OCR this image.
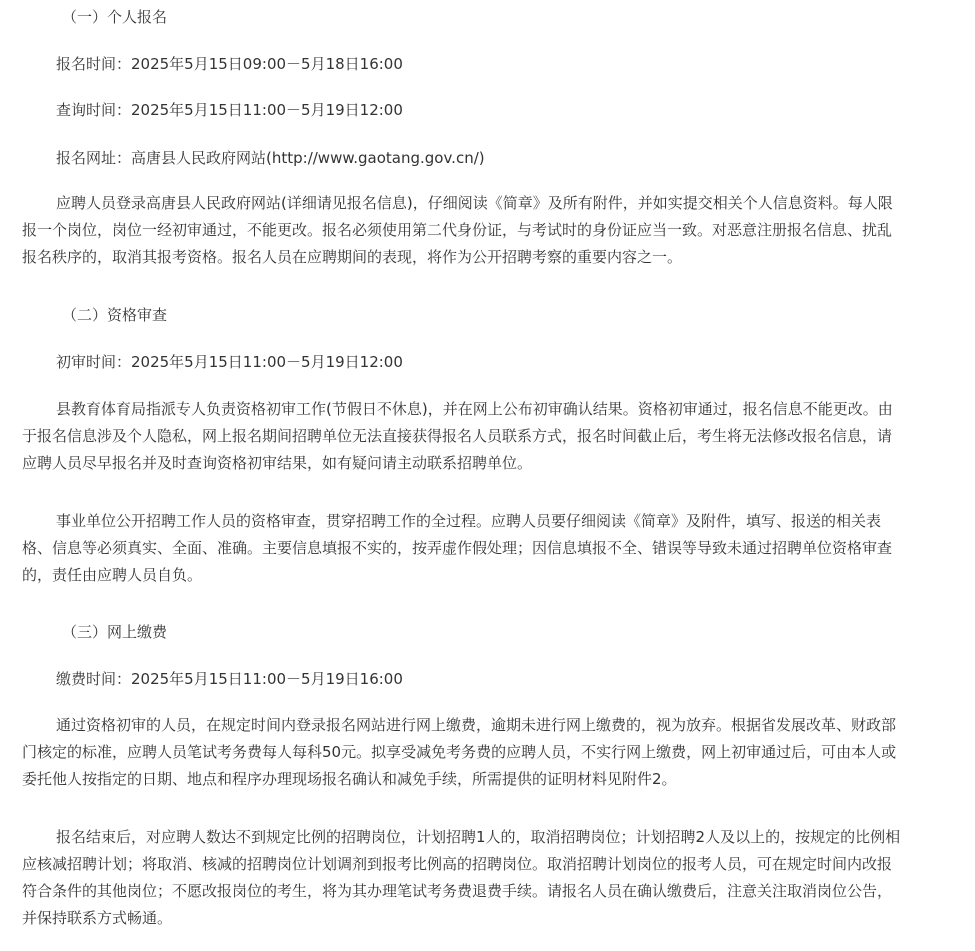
（一）个人报名
报名时间：2025年5月15日09:00－5月18日16:00
查询时间：2025年5月15日11:00－5月19日12:00
报名网址：高唐县人民政府网站(http://www.gaotang.gov.cn/)
应聘人员登录高唐县人民政府网站(详细请见报名信息)，仔细阅读《简章》及所有附件，并如实提交相关个人信息资料。每人限
报一个岗位，岗位一经初审通过，不能更改。报名必须使用第二代身份证，与考试时的身份证应当一致。对恶意注册报名信息、扰乱
报名秩序的，取消其报考资格。报名人员在应聘期间的表现，将作为公开招聘考察的重要内容之一。
（二）资格审查
初审时间：2025年5月15日11:00－5月19日12:00
县教育体育局指派专人负责资格初审工作(节假日不休息)，并在网上公布初审确认结果。资格初审通过，报名信息不能更改。由
于报名信息涉及个人隐私，网上报名期间招聘单位无法直接获得报名人员联系方式，报名时间截止后，考生将无法修改报名信息，请
应聘人员尽早报名并及时查询资格初审结果，如有疑问请主动联系招聘单位。
事业单位公开招聘工作人员的资格审查，贯穿招聘工作的全过程。应聘人员要仔细阅读《简章》及附件，填写、报送的相关表
格、信息等必须真实、全面、准确。主要信息填报不实的，按弄虚作假处理；因信息填报不全、错误等导致未通过招聘单位资格审查
的，责任由应聘人员自负。
（三）网上缴费
缴费时间：2025年5月15日11:00－5月19日16:00
通过资格初审的人员，在规定时间内登录报名网站进行网上缴费，逾期未进行网上缴费的，视为放弃。根据省发展改革、财政部
门核定的标准，应聘人员笔试考务费每人每科50元。拟享受减免考务费的应聘人员，不实行网上缴费，网上初审通过后，可由本人或
委托他人按指定的日期、地点和程序办理现场报名确认和减免手续，所需提供的证明材料见附件2。
报名结束后，对应聘人数达不到规定比例的招聘岗位，计划招聘1人的，取消招聘岗位；计划招聘2人及以上的，按规定的比例相
应核减招聘计划；将取消、核减的招聘岗位计划调剂到报考比例高的招聘岗位。取消招聘计划岗位的报考人员，可在规定时间内改报
符合条件的其他岗位；不愿改报岗位的考生，将为其办理笔试考务费退费手续。请报名人员在确认缴费后，注意关注取消岗位公告，
并保持联系方式畅通。
